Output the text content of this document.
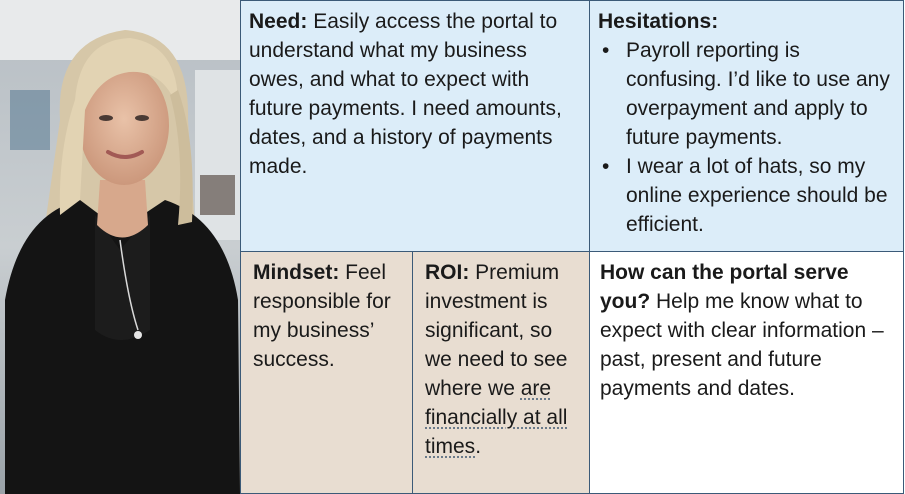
Need: Easily access the portal to understand what my business owes, and what to expect with future payments. I need amounts, dates, and a history of payments made.
Hesitations:
• Payroll reporting is confusing. I’d like to use any overpayment and apply to future payments.
• I wear a lot of hats, so my online experience should be efficient.
Mindset: Feel responsible for my business’ success.
ROI: Premium investment is significant, so we need to see where we are financially at all times.
How can the portal serve you? Help me know what to expect with clear information – past, present and future payments and dates.
